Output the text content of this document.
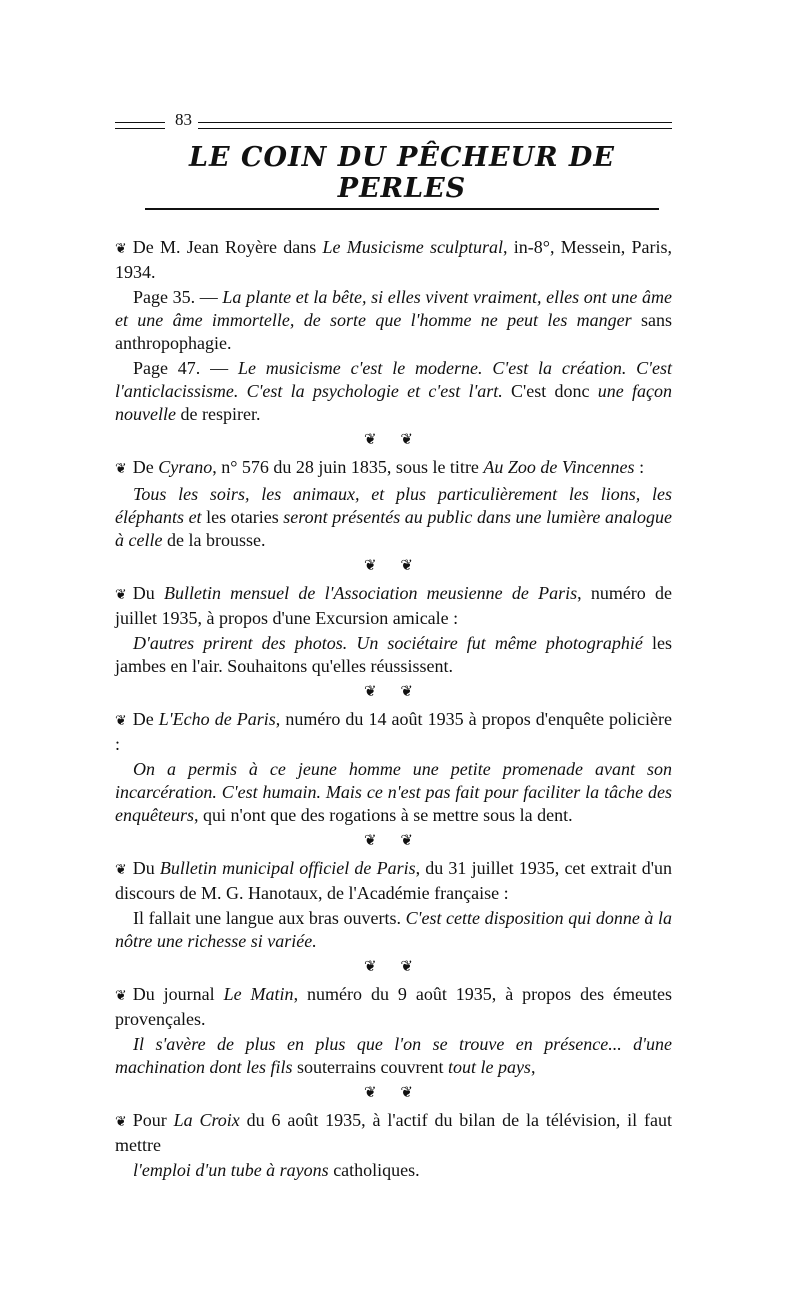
83
LE COIN DU PÊCHEUR DE PERLES

❦ De M. Jean Royère dans Le Musicisme sculptural, in-8°, Messein, Paris, 1934.

Page 35. — La plante et la bête, si elles vivent vraiment, elles ont une âme et une âme immortelle, de sorte que l'homme ne peut les manger sans anthropophagie.

Page 47. — Le musicisme c'est le moderne. C'est la création. C'est l'anticlacissisme. C'est la psychologie et c'est l'art. C'est donc une façon nouvelle de respirer.

❦ ❦

❦ De Cyrano, n° 576 du 28 juin 1835, sous le titre Au Zoo de Vincennes :

Tous les soirs, les animaux, et plus particulièrement les lions, les éléphants et les otaries seront présentés au public dans une lumière analogue à celle de la brousse.

❦ ❦

❦ Du Bulletin mensuel de l'Association meusienne de Paris, numéro de juillet 1935, à propos d'une Excursion amicale :

D'autres prirent des photos. Un sociétaire fut même photographié les jambes en l'air. Souhaitons qu'elles réussissent.

❦ ❦

❦ De L'Echo de Paris, numéro du 14 août 1935 à propos d'enquête policière :

On a permis à ce jeune homme une petite promenade avant son incarcération. C'est humain. Mais ce n'est pas fait pour faciliter la tâche des enquêteurs, qui n'ont que des rogations à se mettre sous la dent.

❦ ❦

❦ Du Bulletin municipal officiel de Paris, du 31 juillet 1935, cet extrait d'un discours de M. G. Hanotaux, de l'Académie française :

Il fallait une langue aux bras ouverts. C'est cette disposition qui donne à la nôtre une richesse si variée.

❦ ❦

❦ Du journal Le Matin, numéro du 9 août 1935, à propos des émeutes provençales.

Il s'avère de plus en plus que l'on se trouve en présence... d'une machination dont les fils souterrains couvrent tout le pays,

❦ ❦

❦ Pour La Croix du 6 août 1935, à l'actif du bilan de la télévision, il faut mettre

l'emploi d'un tube à rayons catholiques.
